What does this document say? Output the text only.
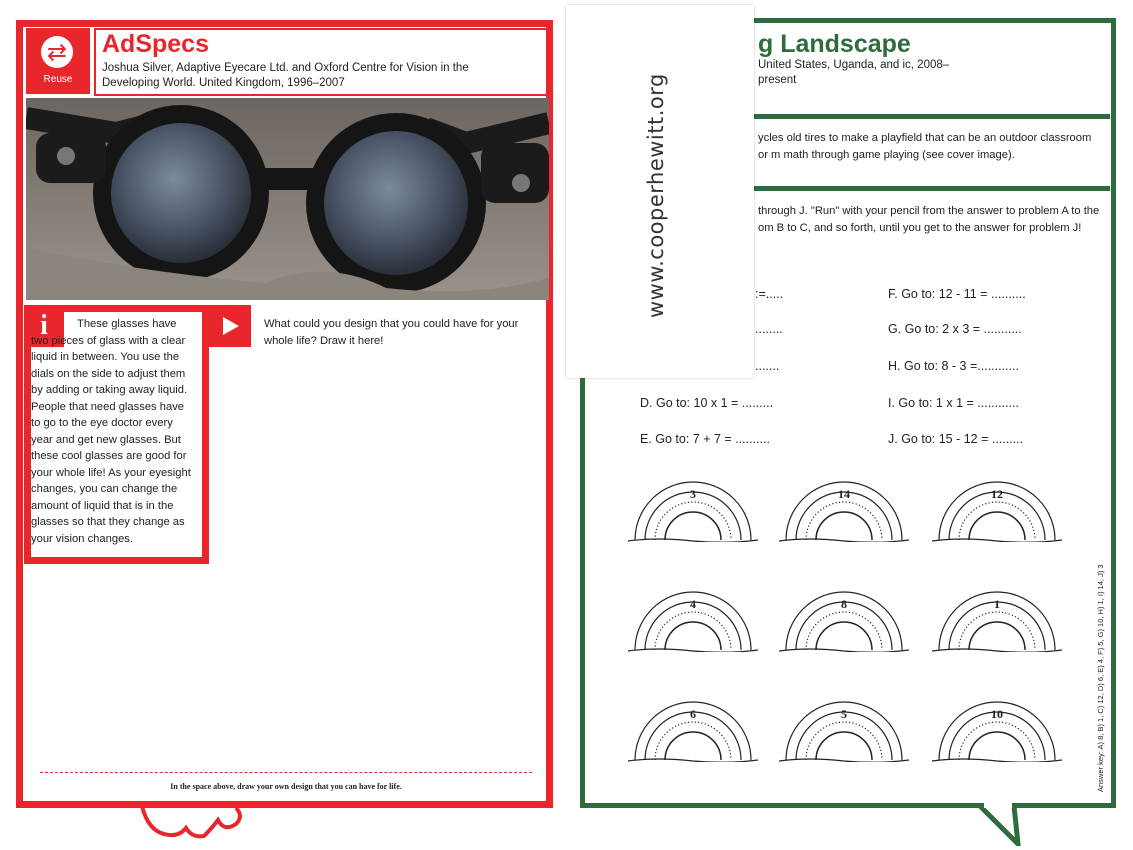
⇄
Reuse
AdSpecs
Joshua Silver, Adaptive Eyecare Ltd. and Oxford Centre for Vision in the Developing World. United Kingdom, 1996–2007
i	These glasses have two pieces of glass with a clear liquid in between. You use the dials on the side to adjust them by adding or taking away liquid. People that need glasses have to go to the eye doctor every year and get new glasses. But these cool glasses are good for your whole life! As your eyesight changes, you can change the amount of liquid that is in the glasses so that they change as your vision changes.

What could you design that you could have for your whole life? Draw it here!

In the space above, draw your own design that you can have for life.
g Landscape
United States, Uganda, and ic, 2008–present

ycles old tires to make a playfield that can be an outdoor classroom or m math through game playing (see cover image).

through J. "Run" with your pencil from the answer to problem A to the om B to C, and so forth, until you get to the answer for problem J!

:=.....
........
.......
D. Go to: 10 x 1 = .........
E. Go to: 7 + 7 = ..........
F. Go to: 12 - 11 = ..........
G. Go to: 2 x 3 = ...........
H. Go to: 8 - 3 =............
I. Go to: 1 x 1 = ............
J. Go to: 15 - 12 = .........
3	14	12
4	8	1
6	5	10	Answer key: A) 8, B) 1, C) 12, D) 6, E) 4, F) 5, G) 10, H) 1, I) 14, J) 3
www.cooperhewitt.org
